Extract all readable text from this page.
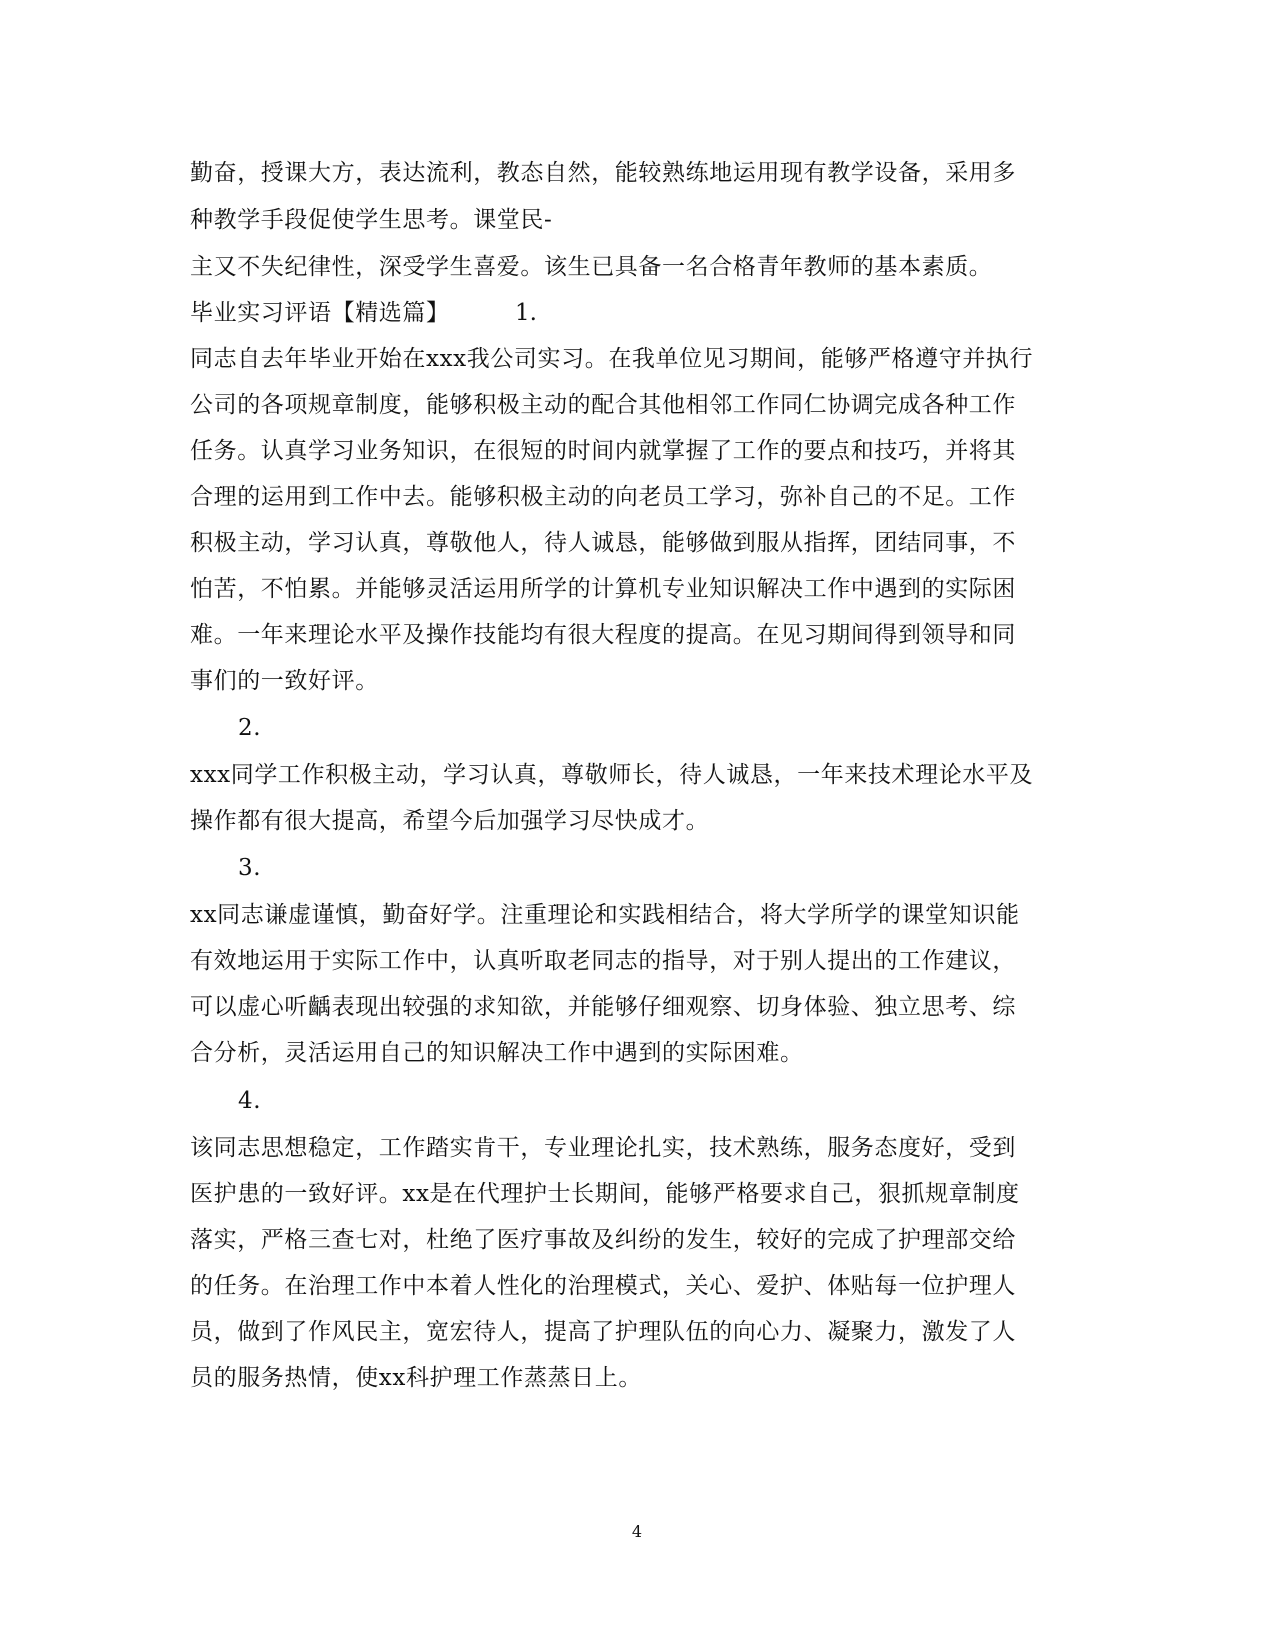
勤奋，授课大方，表达流利，教态自然，能较熟练地运用现有教学设备，采用多
种教学手段促使学生思考。课堂民-
主又不失纪律性，深受学生喜爱。该生已具备一名合格青年教师的基本素质。
毕业实习评语【精选篇】	1.
同志自去年毕业开始在xxx我公司实习。在我单位见习期间，能够严格遵守并执行
公司的各项规章制度，能够积极主动的配合其他相邻工作同仁协调完成各种工作
任务。认真学习业务知识，在很短的时间内就掌握了工作的要点和技巧，并将其
合理的运用到工作中去。能够积极主动的向老员工学习，弥补自己的不足。工作
积极主动，学习认真，尊敬他人，待人诚恳，能够做到服从指挥，团结同事，不
怕苦，不怕累。并能够灵活运用所学的计算机专业知识解决工作中遇到的实际困
难。一年来理论水平及操作技能均有很大程度的提高。在见习期间得到领导和同
事们的一致好评。
2.
xxx同学工作积极主动，学习认真，尊敬师长，待人诚恳，一年来技术理论水平及
操作都有很大提高，希望今后加强学习尽快成才。
3.
xx同志谦虚谨慎，勤奋好学。注重理论和实践相结合，将大学所学的课堂知识能
有效地运用于实际工作中，认真听取老同志的指导，对于别人提出的工作建议，
可以虚心听齲表现出较强的求知欲，并能够仔细观察、切身体验、独立思考、综
合分析，灵活运用自己的知识解决工作中遇到的实际困难。
4.
该同志思想稳定，工作踏实肯干，专业理论扎实，技术熟练，服务态度好，受到
医护患的一致好评。xx是在代理护士长期间，能够严格要求自己，狠抓规章制度
落实，严格三查七对，杜绝了医疗事故及纠纷的发生，较好的完成了护理部交给
的任务。在治理工作中本着人性化的治理模式，关心、爱护、体贴每一位护理人
员，做到了作风民主，宽宏待人，提高了护理队伍的向心力、凝聚力，激发了人
员的服务热情，使xx科护理工作蒸蒸日上。
4
